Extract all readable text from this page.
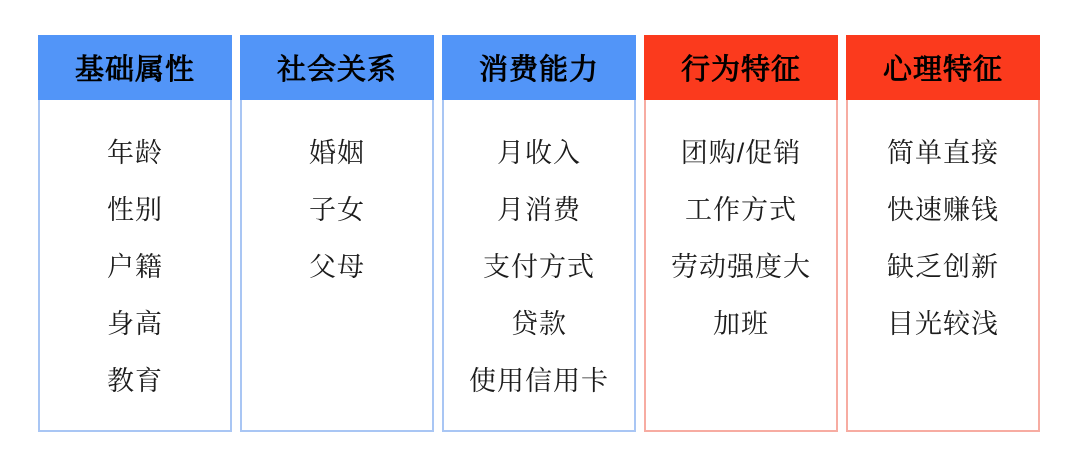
基础属性
年龄
性别
户籍
身高
教育
社会关系
婚姻
子女
父母
消费能力
月收入
月消费
支付方式
贷款
使用信用卡
行为特征
团购/促销
工作方式
劳动强度大
加班
心理特征
简单直接
快速赚钱
缺乏创新
目光较浅
